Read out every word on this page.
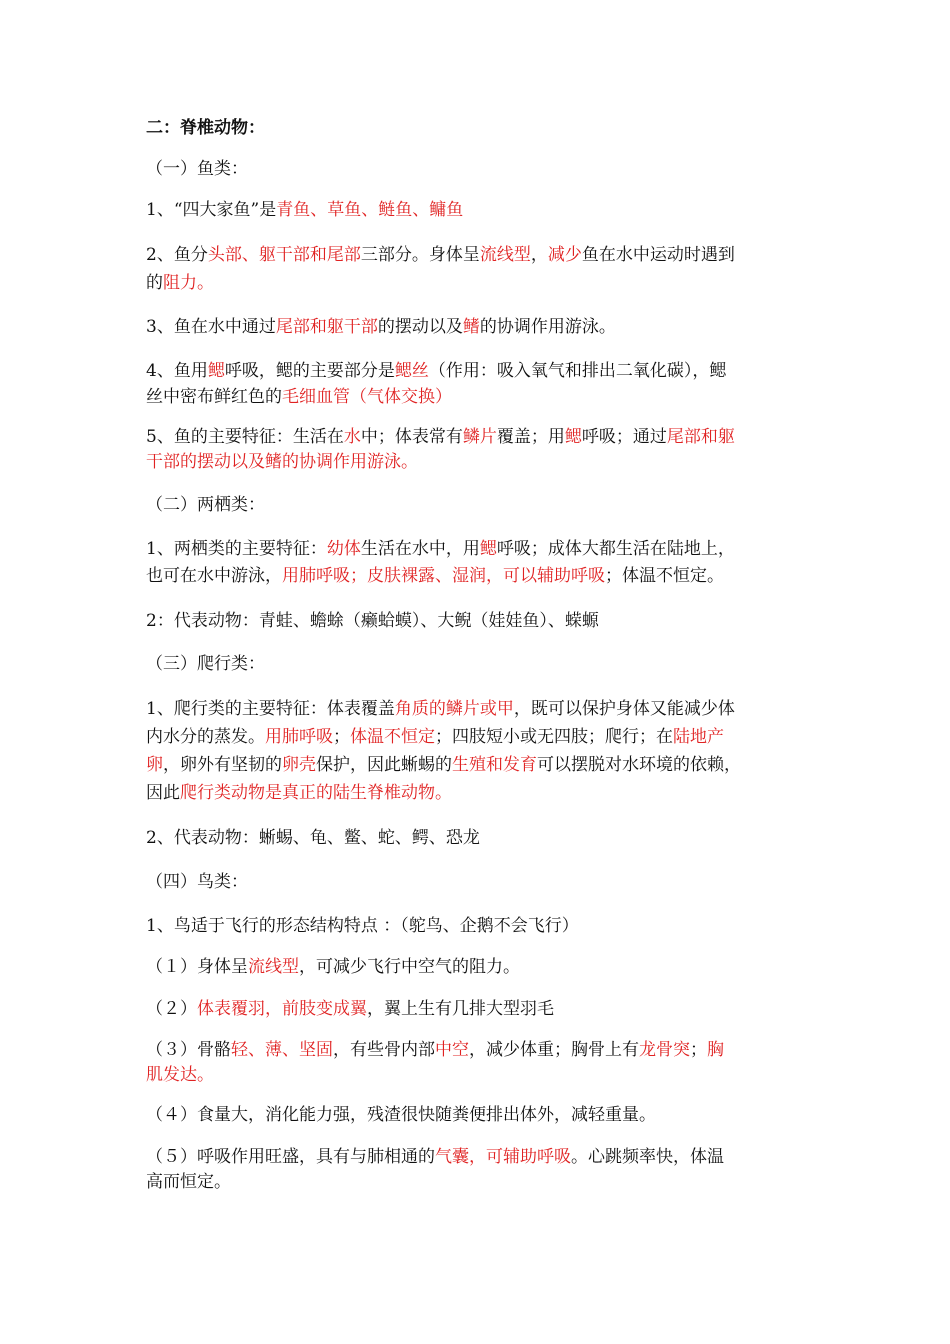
二：脊椎动物：
（一）鱼类：
1、“四大家鱼”是青鱼、草鱼、鲢鱼、鳙鱼
2、鱼分头部、躯干部和尾部三部分。身体呈流线型，减少鱼在水中运动时遇到
的阻力。
3、鱼在水中通过尾部和躯干部的摆动以及鳍的协调作用游泳。
4、鱼用鳃呼吸，鳃的主要部分是鳃丝（作用：吸入氧气和排出二氧化碳），鳃
丝中密布鲜红色的毛细血管（气体交换）
5、鱼的主要特征：生活在水中；体表常有鳞片覆盖；用鳃呼吸；通过尾部和躯
干部的摆动以及鳍的协调作用游泳。
（二）两栖类：
1、两栖类的主要特征：幼体生活在水中，用鳃呼吸；成体大都生活在陆地上，
也可在水中游泳，用肺呼吸；皮肤裸露、湿润，可以辅助呼吸；体温不恒定。
2：代表动物：青蛙、蟾蜍（癞蛤蟆）、大鲵（娃娃鱼）、蝾螈
（三）爬行类：
1、爬行类的主要特征：体表覆盖角质的鳞片或甲，既可以保护身体又能减少体
内水分的蒸发。用肺呼吸；体温不恒定；四肢短小或无四肢；爬行；在陆地产
卵，卵外有坚韧的卵壳保护，因此蜥蜴的生殖和发育可以摆脱对水环境的依赖，
因此爬行类动物是真正的陆生脊椎动物。
2、代表动物：蜥蜴、龟、鳖、蛇、鳄、恐龙
（四）鸟类：
1、鸟适于飞行的形态结构特点 ：（鸵鸟、企鹅不会飞行）
（１）身体呈流线型，可减少飞行中空气的阻力。
（２）体表覆羽，前肢变成翼，翼上生有几排大型羽毛
（３）骨骼轻、薄、坚固，有些骨内部中空，减少体重；胸骨上有龙骨突；胸
肌发达。
（４）食量大，消化能力强，残渣很快随粪便排出体外，减轻重量。
（５）呼吸作用旺盛，具有与肺相通的气囊，可辅助呼吸。心跳频率快，体温
高而恒定。
